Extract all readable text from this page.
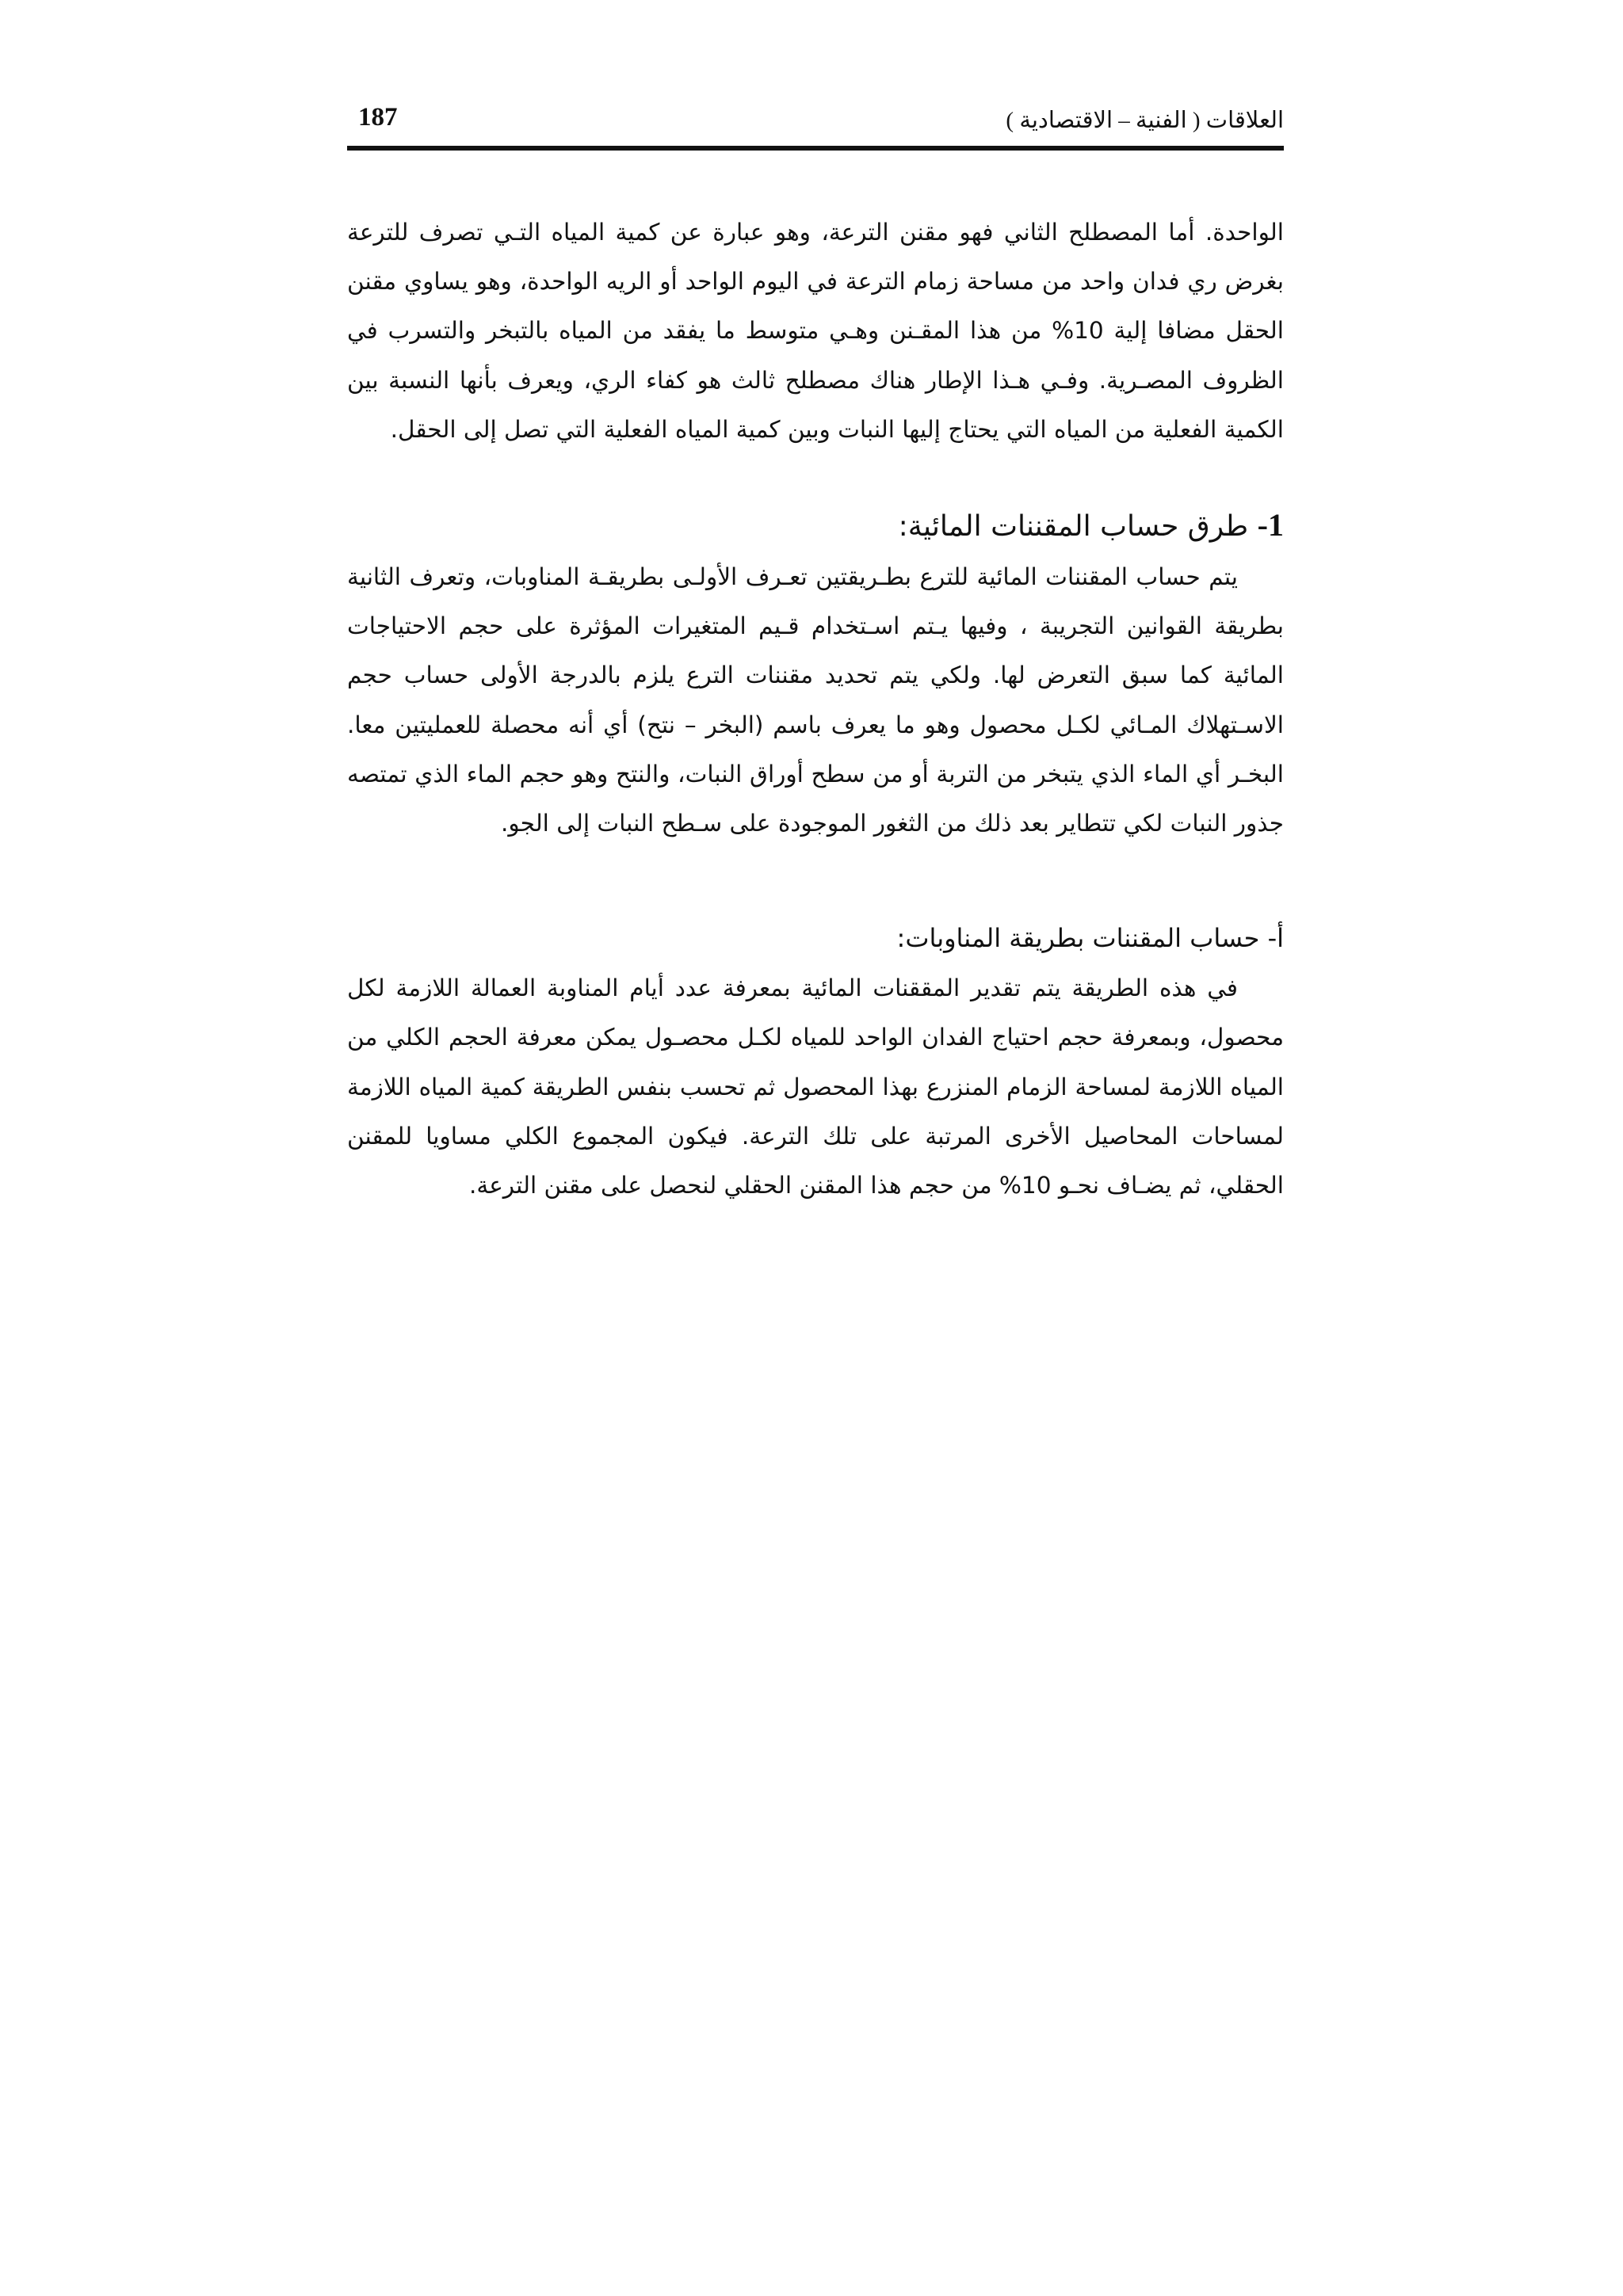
العلاقات ( الفنية – الاقتصادية )
187

الواحدة. أما المصطلح الثاني فهو مقنن الترعة، وهو عبارة عن كمية المياه التـي تصرف للترعة بغرض ري فدان واحد من مساحة زمام الترعة في اليوم الواحد أو الريه الواحدة، وهو يساوي مقنن الحقل مضافا إلية 10% من هذا المقـنن وهـي متوسط ما يفقد من المياه بالتبخر والتسرب في الظروف المصـرية. وفـي هـذا الإطار هناك مصطلح ثالث هو كفاء الري، ويعرف بأنها النسبة بين الكمية الفعلية من المياه التي يحتاج إليها النبات وبين كمية المياه الفعلية التي تصل إلى الحقل.

1- طرق حساب المقننات المائية:

يتم حساب المقننات المائية للترع بطـريقتين تعـرف الأولـى بطريقـة المناوبات، وتعرف الثانية بطريقة القوانين التجريبة ، وفيها يـتم اسـتخدام قـيم المتغيرات المؤثرة على حجم الاحتياجات المائية كما سبق التعرض لها. ولكي يتم تحديد مقننات الترع يلزم بالدرجة الأولى حساب حجم الاسـتهلاك المـائي لكـل محصول وهو ما يعرف باسم (البخر – نتح) أي أنه محصلة للعمليتين معا. البخـر أي الماء الذي يتبخر من التربة أو من سطح أوراق النبات، والنتح وهو حجم الماء الذي تمتصه جذور النبات لكي تتطاير بعد ذلك من الثغور الموجودة على سـطح النبات إلى الجو.

أ- حساب المقننات بطريقة المناوبات:

في هذه الطريقة يتم تقدير المققنات المائية بمعرفة عدد أيام المناوبة العمالة اللازمة لكل محصول، وبمعرفة حجم احتياج الفدان الواحد للمياه لكـل محصـول يمكن معرفة الحجم الكلي من المياه اللازمة لمساحة الزمام المنزرع بهذا المحصول ثم تحسب بنفس الطريقة كمية المياه اللازمة لمساحات المحاصيل الأخرى المرتبة على تلك الترعة. فيكون المجموع الكلي مساويا للمقنن الحقلي، ثم يضـاف نحـو 10% من حجم هذا المقنن الحقلي لنحصل على مقنن الترعة.
